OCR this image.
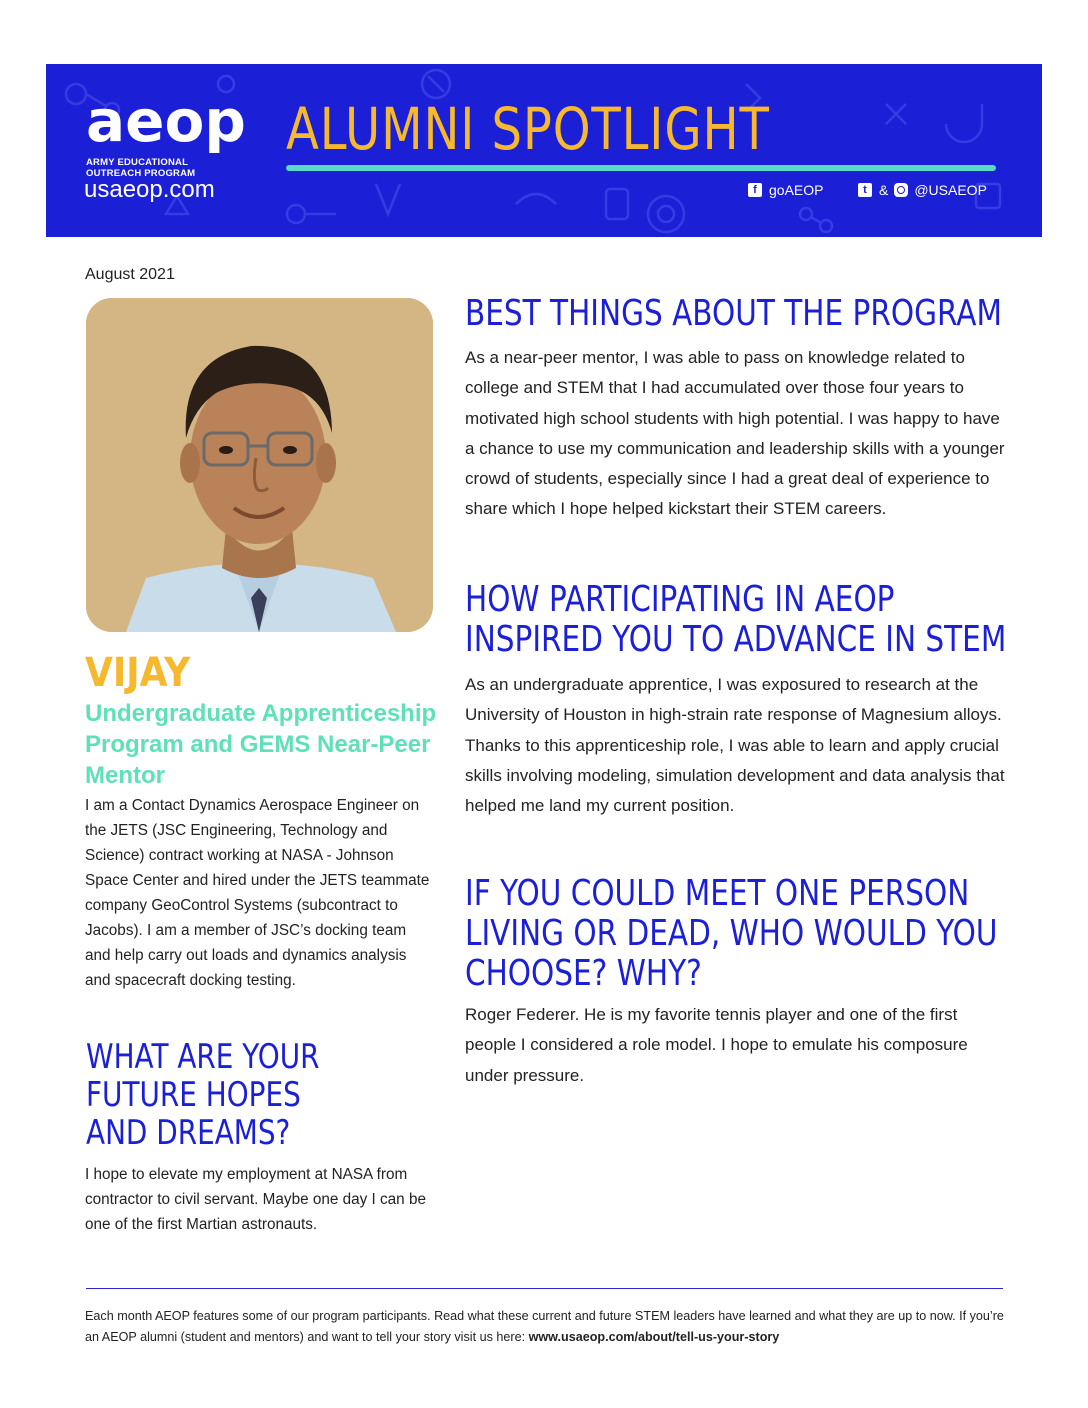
aeop
ARMY EDUCATIONAL
OUTREACH PROGRAM
usaeop.com
ALUMNI SPOTLIGHT
f goAEOP	t & @USAEOP
August 2021
VIJAY
Undergraduate Apprenticeship Program and GEMS Near-Peer Mentor
I am a Contact Dynamics Aerospace Engineer on the JETS (JSC Engineering, Technology and Science) contract working at NASA - Johnson Space Center and hired under the JETS teammate company GeoControl Systems (subcontract to Jacobs). I am a member of JSC’s docking team and help carry out loads and dynamics analysis and spacecraft docking testing.
WHAT ARE YOUR
FUTURE HOPES
AND DREAMS?
I hope to elevate my employment at NASA from contractor to civil servant. Maybe one day I can be one of the first Martian astronauts.
BEST THINGS ABOUT THE PROGRAM
As a near-peer mentor, I was able to pass on knowledge related to college and STEM that I had accumulated over those four years to motivated high school students with high potential. I was happy to have a chance to use my communication and leadership skills with a younger crowd of students, especially since I had a great deal of experience to share which I hope helped kickstart their STEM careers.
HOW PARTICIPATING IN AEOP
INSPIRED YOU TO ADVANCE IN STEM
As an undergraduate apprentice, I was exposured to research at the University of Houston in high-strain rate response of Magnesium alloys. Thanks to this apprenticeship role, I was able to learn and apply crucial skills involving modeling, simulation development and data analysis that helped me land my current position.
IF YOU COULD MEET ONE PERSON
LIVING OR DEAD, WHO WOULD YOU
CHOOSE? WHY?
Roger Federer. He is my favorite tennis player and one of the first people I considered a role model. I hope to emulate his composure under pressure.
Each month AEOP features some of our program participants. Read what these current and future STEM leaders have learned and what they are up to now. If you’re an AEOP alumni (student and mentors) and want to tell your story visit us here: www.usaeop.com/about/tell-us-your-story
